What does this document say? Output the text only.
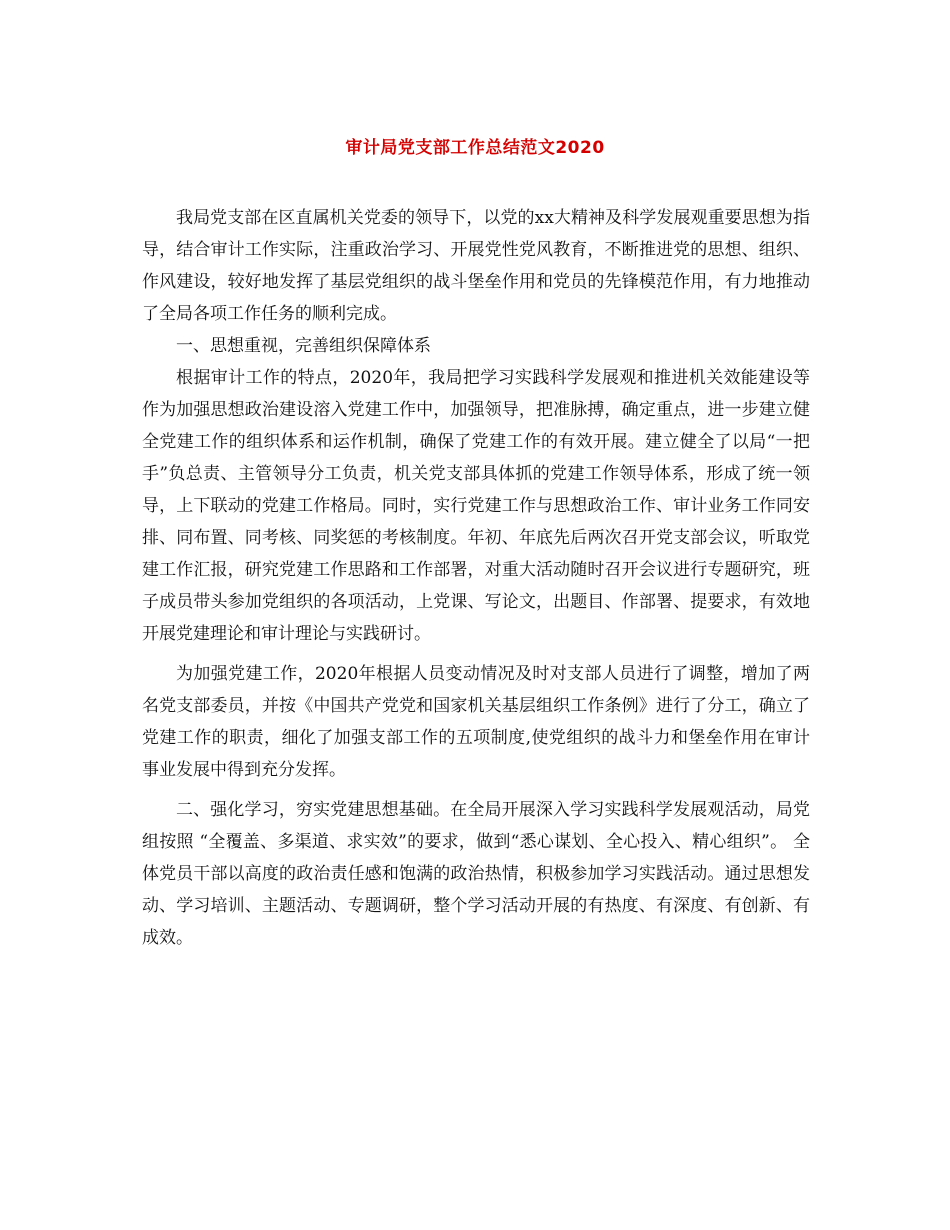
审计局党支部工作总结范文2020

我局党支部在区直属机关党委的领导下，以党的xx大精神及科学发展观重要思想为指导，结合审计工作实际，注重政治学习、开展党性党风教育，不断推进党的思想、组织、作风建设，较好地发挥了基层党组织的战斗堡垒作用和党员的先锋模范作用，有力地推动了全局各项工作任务的顺利完成。

一、思想重视，完善组织保障体系

根据审计工作的特点，2020年，我局把学习实践科学发展观和推进机关效能建设等作为加强思想政治建设溶入党建工作中，加强领导，把准脉搏，确定重点，进一步建立健全党建工作的组织体系和运作机制，确保了党建工作的有效开展。建立健全了以局“一把手”负总责、主管领导分工负责，机关党支部具体抓的党建工作领导体系，形成了统一领导，上下联动的党建工作格局。同时，实行党建工作与思想政治工作、审计业务工作同安排、同布置、同考核、同奖惩的考核制度。年初、年底先后两次召开党支部会议，听取党建工作汇报，研究党建工作思路和工作部署，对重大活动随时召开会议进行专题研究，班子成员带头参加党组织的各项活动，上党课、写论文，出题目、作部署、提要求，有效地开展党建理论和审计理论与实践研讨。

为加强党建工作，2020年根据人员变动情况及时对支部人员进行了调整，增加了两名党支部委员，并按《中国共产党党和国家机关基层组织工作条例》进行了分工，确立了党建工作的职责，细化了加强支部工作的五项制度,使党组织的战斗力和堡垒作用在审计事业发展中得到充分发挥。

二、强化学习，穷实党建思想基础。在全局开展深入学习实践科学发展观活动，局党组按照 “全覆盖、多渠道、求实效”的要求，做到“悉心谋划、全心投入、精心组织”。 全体党员干部以高度的政治责任感和饱满的政治热情，积极参加学习实践活动。通过思想发动、学习培训、主题活动、专题调研，整个学习活动开展的有热度、有深度、有创新、有成效。
